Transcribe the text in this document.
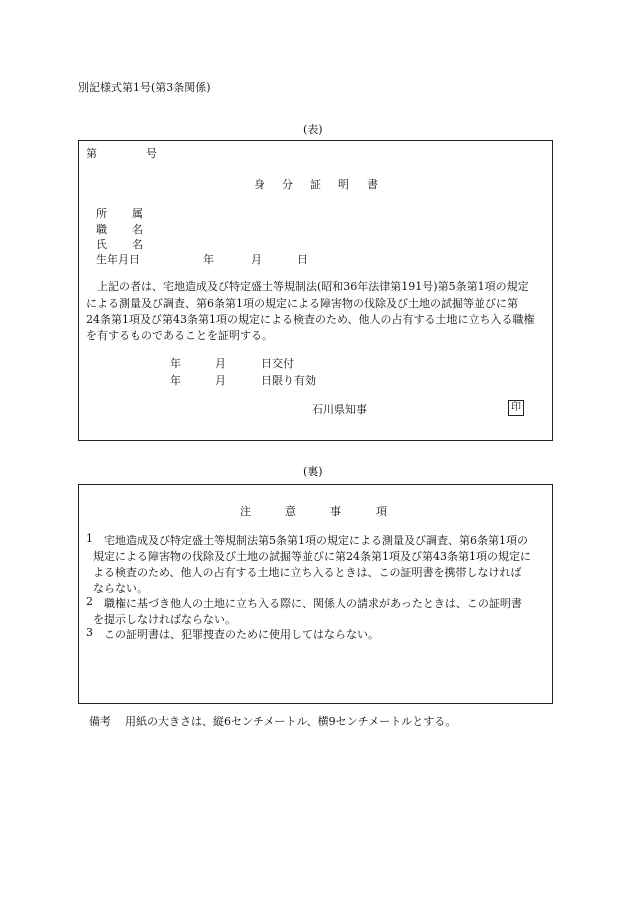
別記様式第1号(第3条関係)
(表)
第	号
身 分 証 明 書
所 属
職 名
氏 名
生年月日	年	月	日
上記の者は、宅地造成及び特定盛土等規制法(昭和36年法律第191号)第5条第1項の規定
による測量及び調査、第6条第1項の規定による障害物の伐除及び土地の試掘等並びに第
24条第1項及び第43条第1項の規定による検査のため、他人の占有する土地に立ち入る職権
を有するものであることを証明する。
年	月	日交付
年	月	日限り有効
石川県知事	印
(裏)
注	意	事	項
1 宅地造成及び特定盛土等規制法第5条第1項の規定による測量及び調査、第6条第1項の
規定による障害物の伐除及び土地の試掘等並びに第24条第1項及び第43条第1項の規定に
よる検査のため、他人の占有する土地に立ち入るときは、この証明書を携帯しなければ
ならない。
2 職権に基づき他人の土地に立ち入る際に、関係人の請求があったときは、この証明書
を提示しなければならない。
3 この証明書は、犯罪捜査のために使用してはならない。
備考 用紙の大きさは、縦6センチメートル、横9センチメートルとする。
